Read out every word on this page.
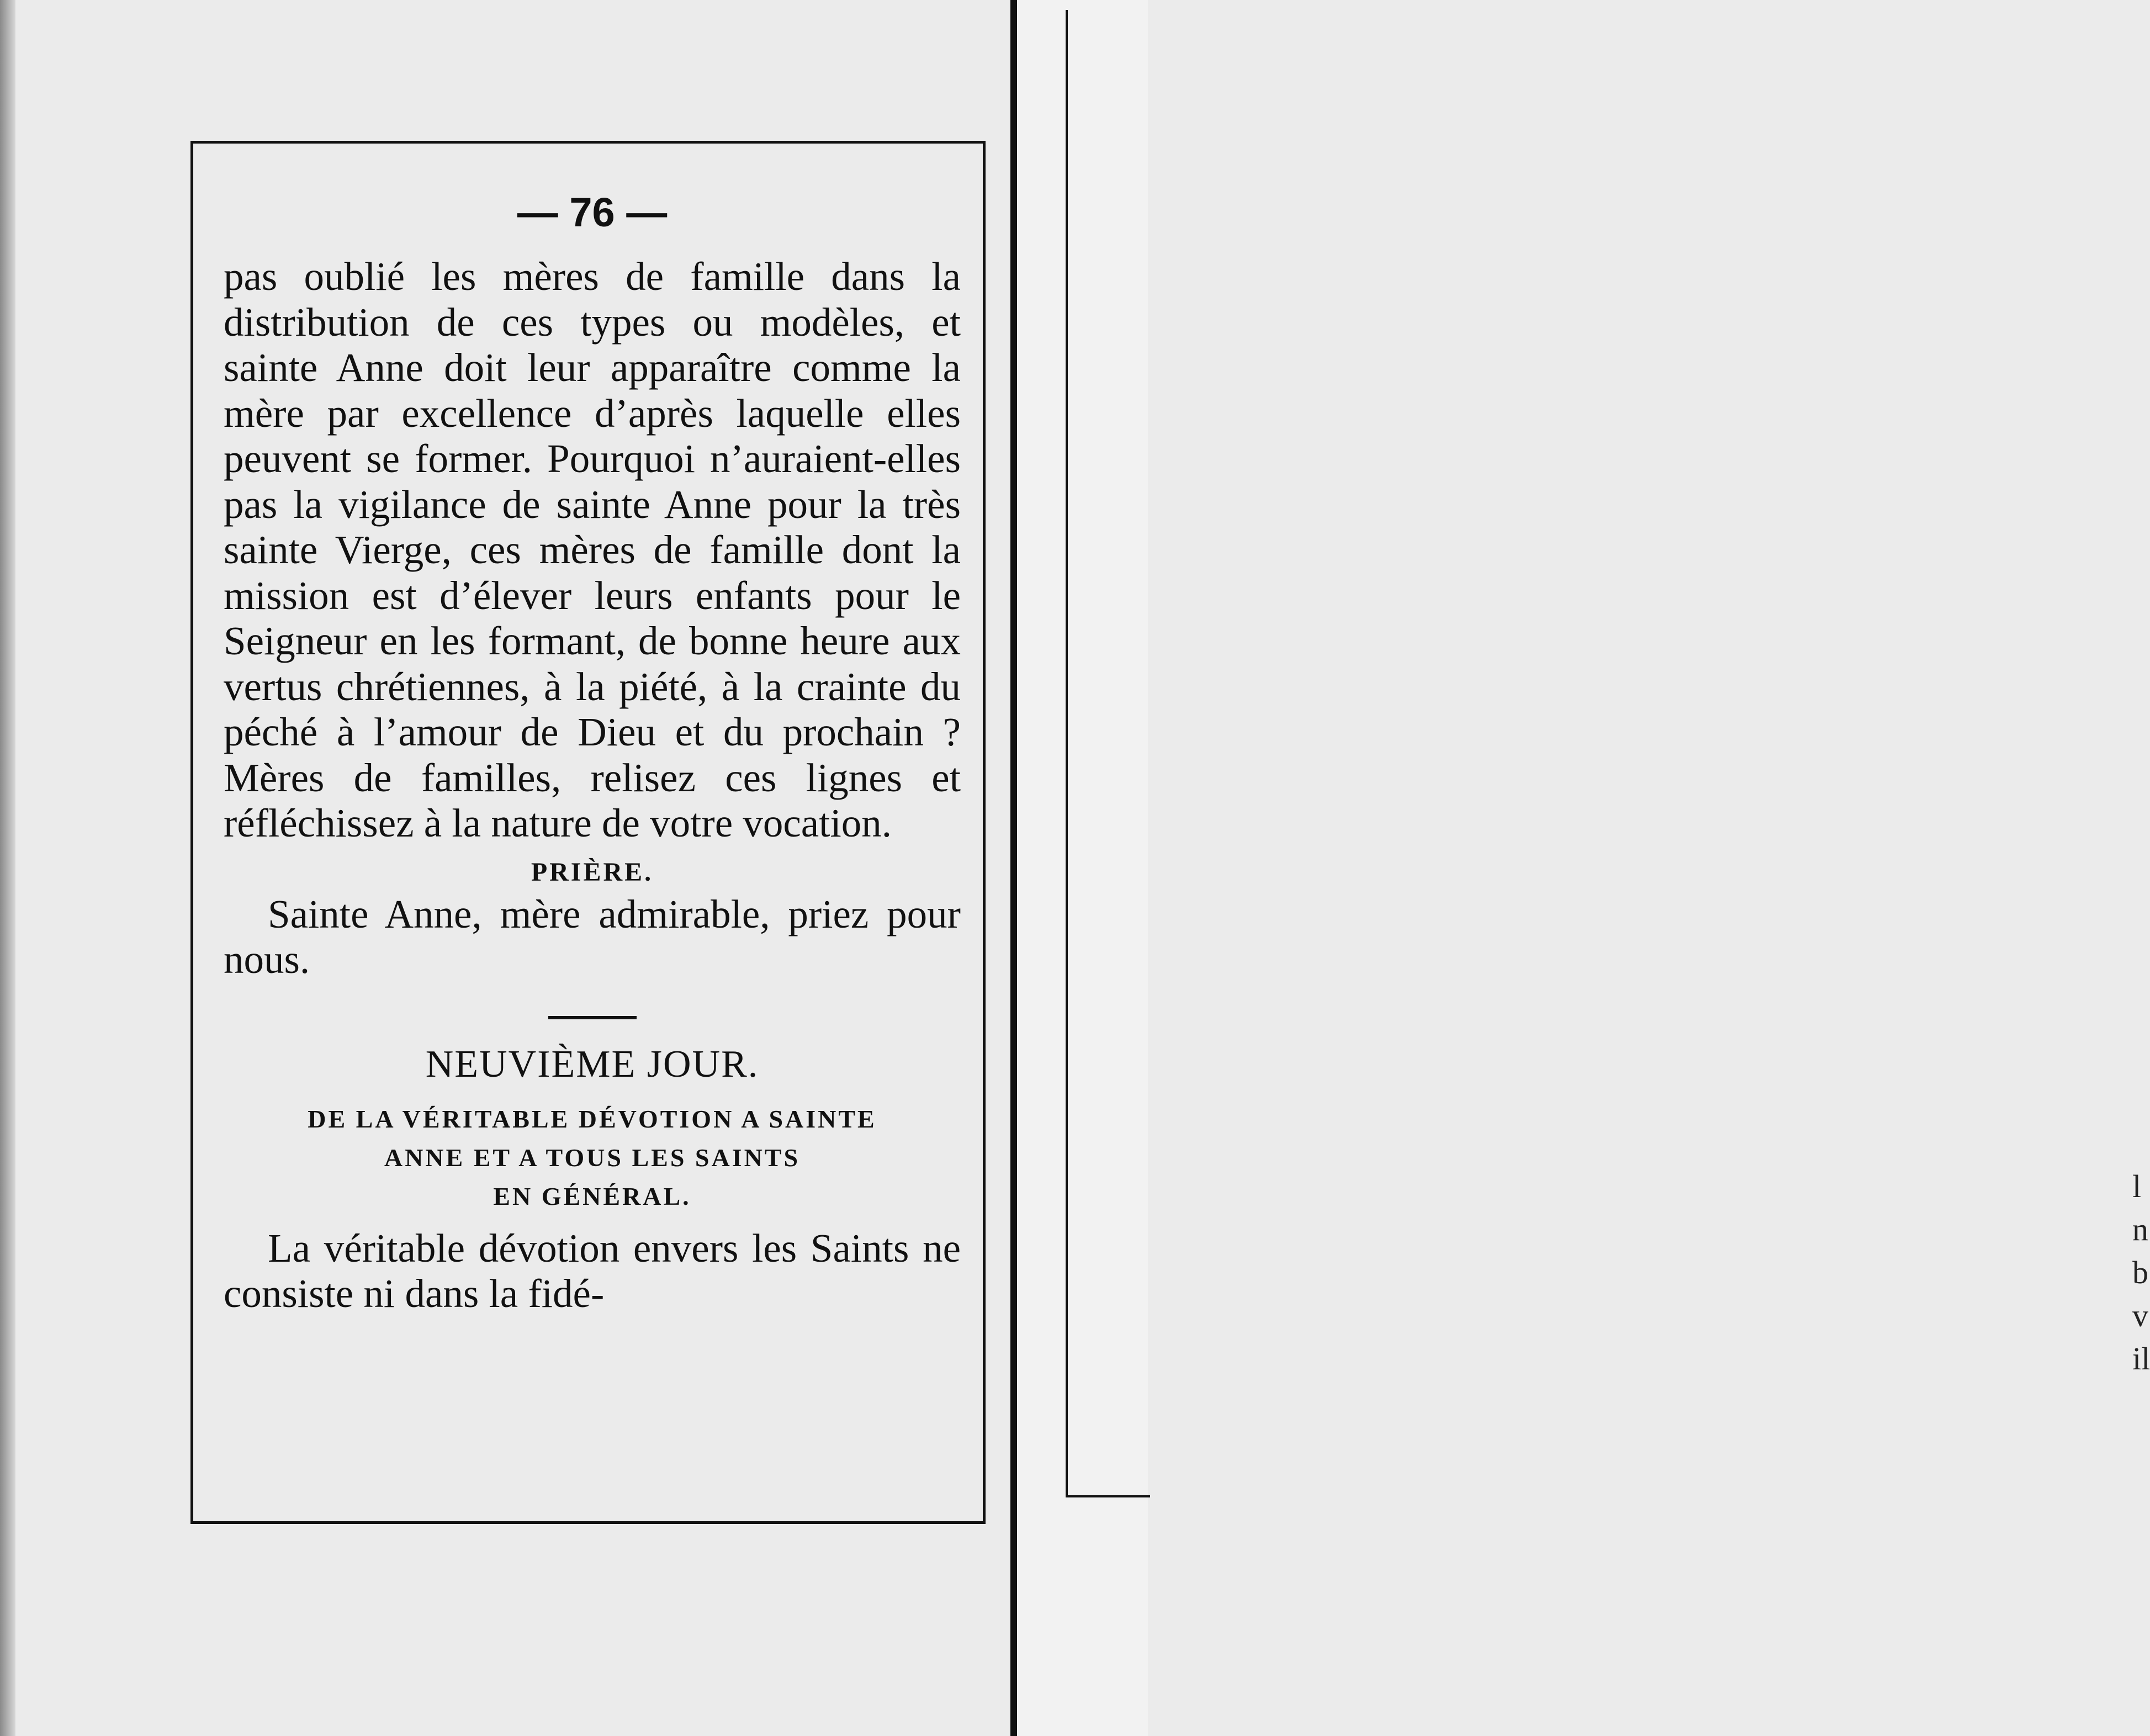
l
n
b
v
il
— 76 —

pas oublié les mères de famille dans la distribution de ces types ou modèles, et sainte Anne doit leur apparaître comme la mère par excellence d’après laquelle elles peuvent se former. Pourquoi n’auraient-elles pas la vigilance de sainte Anne pour la très sainte Vierge, ces mères de famille dont la mission est d’élever leurs enfants pour le Seigneur en les formant, de bonne heure aux vertus chrétiennes, à la piété, à la crainte du péché à l’amour de Dieu et du prochain ? Mères de familles, relisez ces lignes et réfléchissez à la nature de votre vocation.

PRIÈRE.

Sainte Anne, mère admirable, priez pour nous.

NEUVIÈME JOUR.

DE LA VÉRITABLE DÉVOTION A SAINTE

ANNE ET A TOUS LES SAINTS

EN GÉNÉRAL.

La véritable dévotion envers les Saints ne consiste ni dans la fidé-
